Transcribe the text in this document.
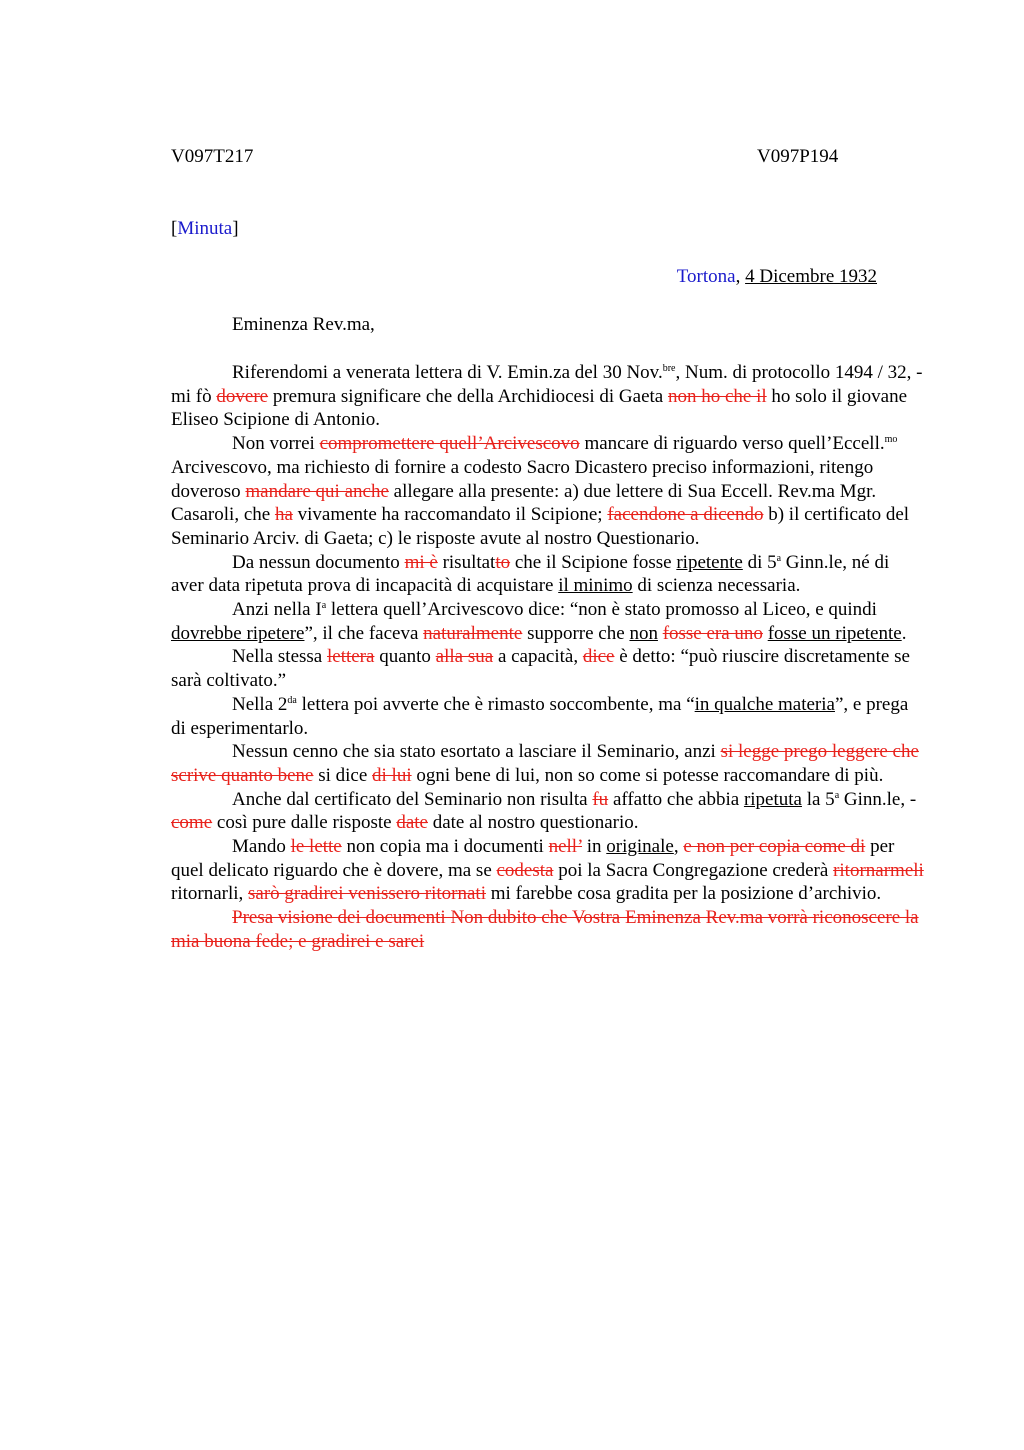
V097T217	V097P194
[Minuta]
Tortona, 4 Dicembre 1932
Eminenza Rev.ma,

Riferendomi a venerata lettera di V. Emin.za del 30 Nov.$^{bre}$, Num. di protocollo 1494 / 32, - mi fò dovere premura significare che della Archidiocesi di Gaeta non ho che il ho solo il giovane Eliseo Scipione di Antonio.

Non vorrei compromettere quell’Arcivescovo mancare di riguardo verso quell’Eccell.$^{mo}$ Arcivescovo, ma richiesto di fornire a codesto Sacro Dicastero preciso informazioni, ritengo doveroso mandare qui anche allegare alla presente: a) due lettere di Sua Eccell. Rev.ma Mgr. Casaroli, che ha vivamente ha raccomandato il Scipione; facendone a dicendo b) il certificato del Seminario Arciv. di Gaeta; c) le risposte avute al nostro Questionario.

Da nessun documento mi è risultatto che il Scipione fosse ripetente di 5$^a$ Ginn.le, né di aver data ripetuta prova di incapacità di acquistare il minimo di scienza necessaria.

Anzi nella $I^a$ lettera quell’Arcivescovo dice: “non è stato promosso al Liceo, e quindi dovrebbe ripetere”, il che faceva naturalmente supporre che non fosse era uno fosse un ripetente.

Nella stessa lettera quanto alla sua a capacità, dice è detto: “può riuscire discretamente se sarà coltivato.”

Nella $2^{da}$ lettera poi avverte che è rimasto soccombente, ma “in qualche materia”, e prega di esperimentarlo.

Nessun cenno che sia stato esortato a lasciare il Seminario, anzi si legge prego leggere che scrive quanto bene si dice di lui ogni bene di lui, non so come si potesse raccomandare di più.

Anche dal certificato del Seminario non risulta fu affatto che abbia ripetuta la 5$^a$ Ginn.le, - come così pure dalle risposte date date al nostro questionario.

Mando le lette non copia ma i documenti nell’ in originale, e non per copia come di per quel delicato riguardo che è dovere, ma se codesta poi la Sacra Congregazione crederà ritornarmeli ritornarli, sarò gradirei venissero ritornati mi farebbe cosa gradita per la posizione d’archivio.

Presa visione dei documenti Non dubito che Vostra Eminenza Rev.ma vorrà riconoscere la mia buona fede; e gradirei e sarei
